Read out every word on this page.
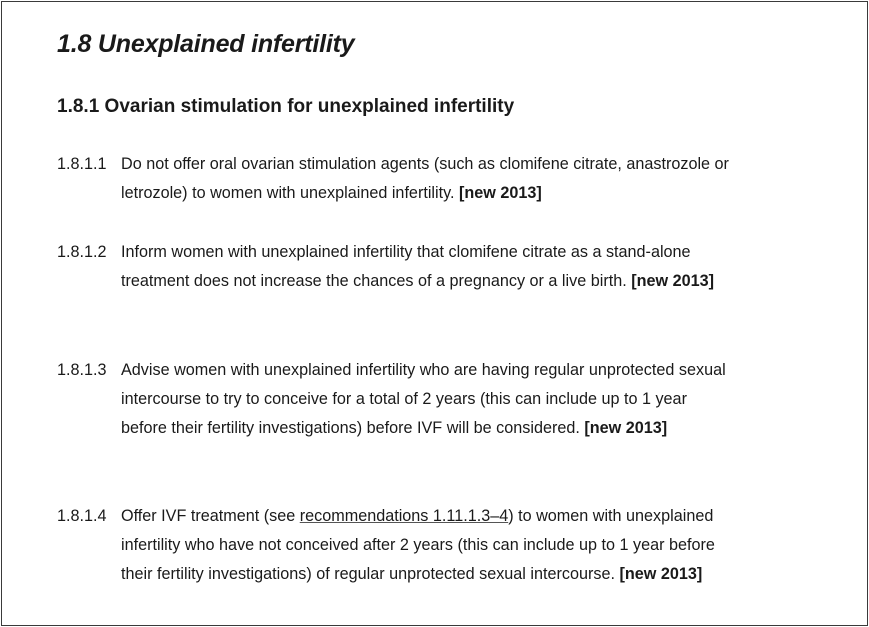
1.8 Unexplained infertility
1.8.1 Ovarian stimulation for unexplained infertility
1.8.1.1 Do not offer oral ovarian stimulation agents (such as clomifene citrate, anastrozole or letrozole) to women with unexplained infertility. [new 2013]
1.8.1.2 Inform women with unexplained infertility that clomifene citrate as a stand-alone treatment does not increase the chances of a pregnancy or a live birth. [new 2013]
1.8.1.3 Advise women with unexplained infertility who are having regular unprotected sexual intercourse to try to conceive for a total of 2 years (this can include up to 1 year before their fertility investigations) before IVF will be considered. [new 2013]
1.8.1.4 Offer IVF treatment (see recommendations 1.11.1.3–4) to women with unexplained infertility who have not conceived after 2 years (this can include up to 1 year before their fertility investigations) of regular unprotected sexual intercourse. [new 2013]
